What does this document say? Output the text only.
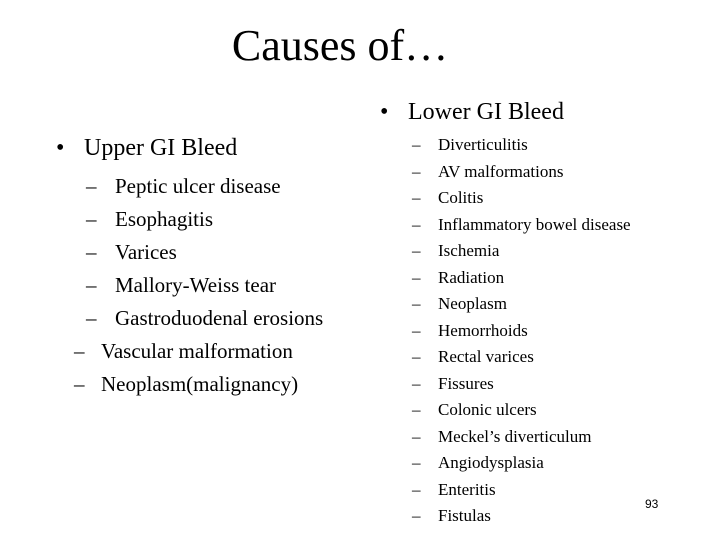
Causes of…
• Upper GI Bleed
– Peptic ulcer disease
– Esophagitis
– Varices
– Mallory-Weiss tear
– Gastroduodenal erosions
– Vascular malformation
– Neoplasm(malignancy)
• Lower GI Bleed
–	Diverticulitis
–	AV malformations
–	Colitis
–	Inflammatory bowel disease
–	Ischemia
–	Radiation
–	Neoplasm
–	Hemorrhoids
–	Rectal varices
–	Fissures
–	Colonic ulcers
–	Meckel’s diverticulum
–	Angiodysplasia
–	Enteritis
–	Fistulas
93
